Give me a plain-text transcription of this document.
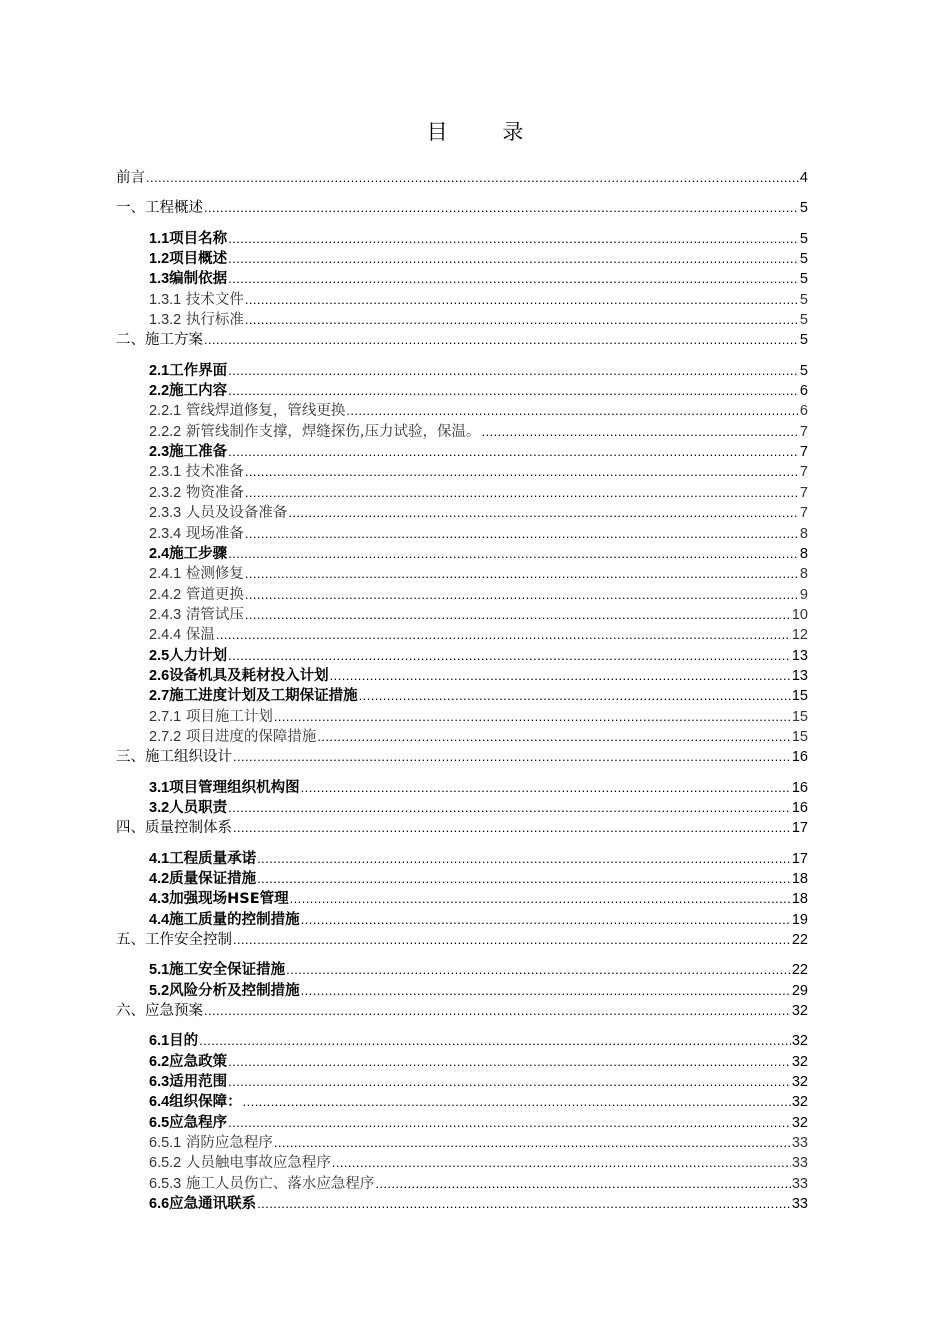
目 录
前言 .....	4
一、工程概述 .....	5
1.1项目名称 .....	5
1.2项目概述 .....	5
1.3编制依据 .....	5
1.3.1 技术文件 .....	5
1.3.2 执行标准 .....	5
二、施工方案 .....	5
2.1工作界面 .....	5
2.2施工内容 .....	6
2.2.1 管线焊道修复，管线更换 .....	6
2.2.2 新管线制作支撑，焊缝探伤,压力试验，保温。 .....	7
2.3施工准备 .....	7
2.3.1 技术准备 .....	7
2.3.2 物资准备 .....	7
2.3.3 人员及设备准备 .....	7
2.3.4 现场准备 .....	8
2.4施工步骤 .....	8
2.4.1 检测修复 .....	8
2.4.2 管道更换 .....	9
2.4.3 清管试压 .....	10
2.4.4 保温 .....	12
2.5人力计划 .....	13
2.6设备机具及耗材投入计划 .....	13
2.7施工进度计划及工期保证措施 .....	15
2.7.1 项目施工计划 .....	15
2.7.2 项目进度的保障措施 .....	15
三、施工组织设计 .....	16
3.1项目管理组织机构图 .....	16
3.2人员职责 .....	16
四、质量控制体系 .....	17
4.1工程质量承诺 .....	17
4.2质量保证措施 .....	18
4.3加强现场HSE管理 .....	18
4.4施工质量的控制措施 .....	19
五、工作安全控制 .....	22
5.1施工安全保证措施 .....	22
5.2风险分析及控制措施 .....	29
六、应急预案 .....	32
6.1目的 .....	32
6.2应急政策 .....	32
6.3适用范围 .....	32
6.4组织保障： .....	32
6.5应急程序 .....	32
6.5.1 消防应急程序 .....	33
6.5.2 人员触电事故应急程序 .....	33
6.5.3 施工人员伤亡、落水应急程序 .....	33
6.6应急通讯联系 .....	33
